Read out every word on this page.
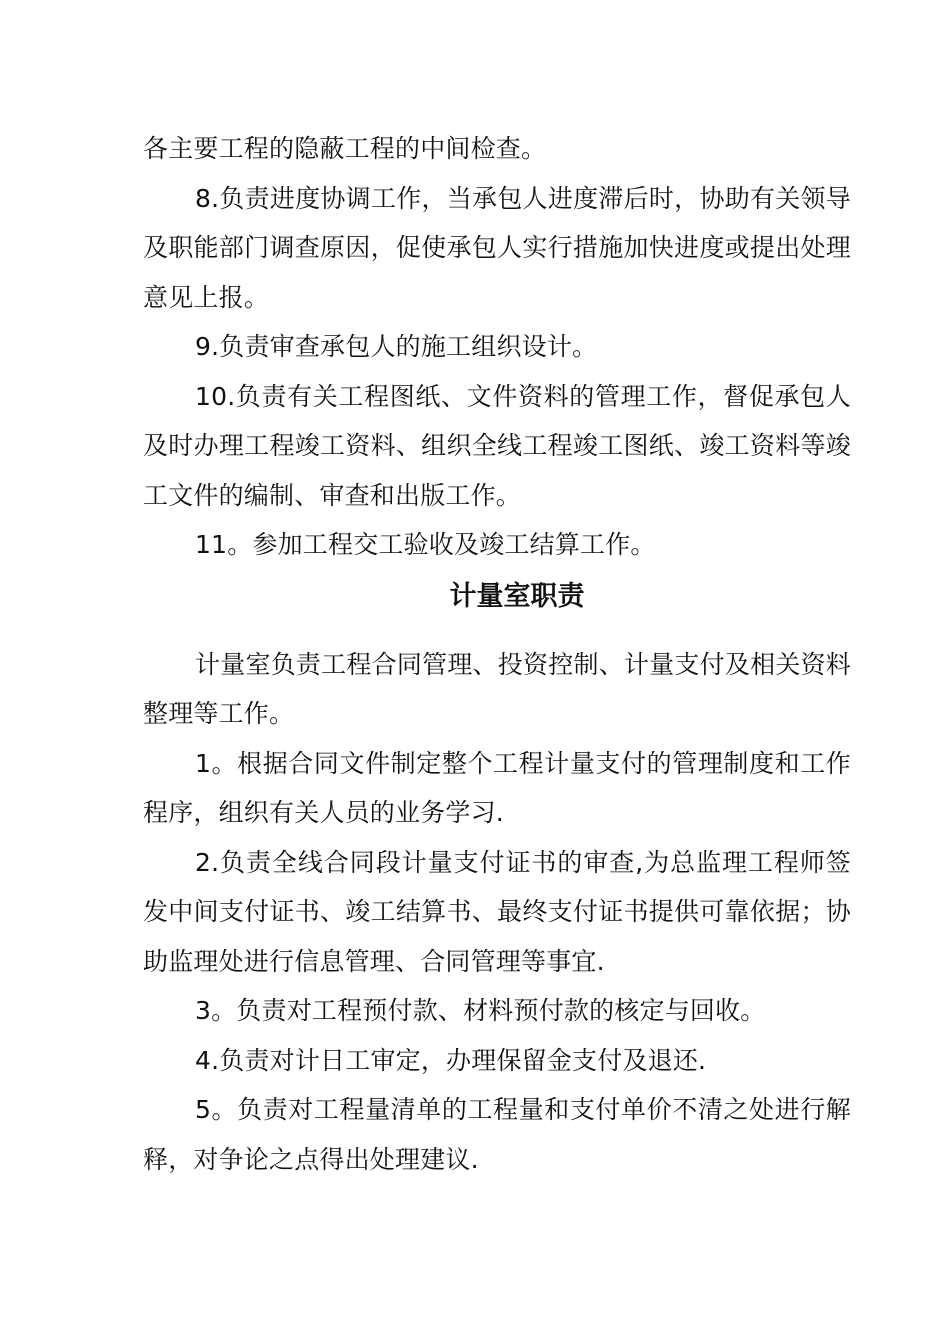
各主要工程的隐蔽工程的中间检查。

8.负责进度协调工作，当承包人进度滞后时，协助有关领导及职能部门调查原因，促使承包人实行措施加快进度或提出处理意见上报。

9.负责审查承包人的施工组织设计。

10.负责有关工程图纸、文件资料的管理工作，督促承包人及时办理工程竣工资料、组织全线工程竣工图纸、竣工资料等竣工文件的编制、审查和出版工作。

11。参加工程交工验收及竣工结算工作。

计量室职责

计量室负责工程合同管理、投资控制、计量支付及相关资料整理等工作。

1。根据合同文件制定整个工程计量支付的管理制度和工作程序，组织有关人员的业务学习.

2.负责全线合同段计量支付证书的审查,为总监理工程师签发中间支付证书、竣工结算书、最终支付证书提供可靠依据；协助监理处进行信息管理、合同管理等事宜.

3。负责对工程预付款、材料预付款的核定与回收。

4.负责对计日工审定，办理保留金支付及退还.

5。负责对工程量清单的工程量和支付单价不清之处进行解释，对争论之点得出处理建议.
